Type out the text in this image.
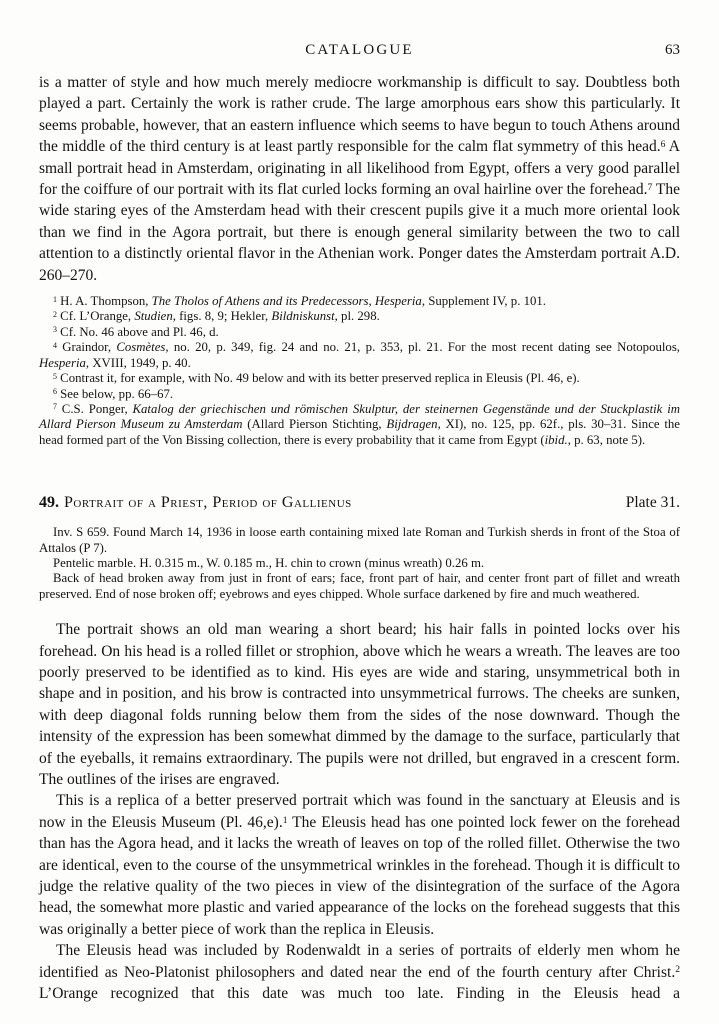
CATALOGUE	63

is a matter of style and how much merely mediocre workmanship is difficult to say. Doubtless both played a part. Certainly the work is rather crude. The large amorphous ears show this particularly. It seems probable, however, that an eastern influence which seems to have begun to touch Athens around the middle of the third century is at least partly responsible for the calm flat symmetry of this head.$^6$ A small portrait head in Amsterdam, originating in all likelihood from Egypt, offers a very good parallel for the coiffure of our portrait with its flat curled locks forming an oval hairline over the forehead.$^7$ The wide staring eyes of the Amsterdam head with their crescent pupils give it a much more oriental look than we find in the Agora portrait, but there is enough general similarity between the two to call attention to a distinctly oriental flavor in the Athenian work. Ponger dates the Amsterdam portrait A.D. 260–270.

$^1$ H. A. Thompson, The Tholos of Athens and its Predecessors, Hesperia, Supplement IV, p. 101.

$^2$ Cf. L’Orange, Studien, figs. 8, 9; Hekler, Bildniskunst, pl. 298.

$^3$ Cf. No. 46 above and Pl. 46, d.

$^4$ Graindor, Cosmètes, no. 20, p. 349, fig. 24 and no. 21, p. 353, pl. 21. For the most recent dating see Notopoulos, Hesperia, XVIII, 1949, p. 40.

$^5$ Contrast it, for example, with No. 49 below and with its better preserved replica in Eleusis (Pl. 46, e).

$^6$ See below, pp. 66–67.

$^7$ C.S. Ponger, Katalog der griechischen und römischen Skulptur, der steinernen Gegenstände und der Stuckplastik im Allard Pierson Museum zu Amsterdam (Allard Pierson Stichting, Bijdragen, XI), no. 125, pp. 62f., pls. 30–31. Since the head formed part of the Von Bissing collection, there is every probability that it came from Egypt (ibid., p. 63, note 5).

49. Portrait of a Priest, Period of Gallienus	Plate 31.

Inv. S 659. Found March 14, 1936 in loose earth containing mixed late Roman and Turkish sherds in front of the Stoa of Attalos (P 7).

Pentelic marble. H. 0.315 m., W. 0.185 m., H. chin to crown (minus wreath) 0.26 m.

Back of head broken away from just in front of ears; face, front part of hair, and center front part of fillet and wreath preserved. End of nose broken off; eyebrows and eyes chipped. Whole surface darkened by fire and much weathered.

The portrait shows an old man wearing a short beard; his hair falls in pointed locks over his forehead. On his head is a rolled fillet or strophion, above which he wears a wreath. The leaves are too poorly preserved to be identified as to kind. His eyes are wide and staring, unsymmetrical both in shape and in position, and his brow is contracted into unsymmetrical furrows. The cheeks are sunken, with deep diagonal folds running below them from the sides of the nose downward. Though the intensity of the expression has been somewhat dimmed by the damage to the surface, particularly that of the eyeballs, it remains extraordinary. The pupils were not drilled, but engraved in a crescent form. The outlines of the irises are engraved.

This is a replica of a better preserved portrait which was found in the sanctuary at Eleusis and is now in the Eleusis Museum (Pl. 46,e).$^1$ The Eleusis head has one pointed lock fewer on the forehead than has the Agora head, and it lacks the wreath of leaves on top of the rolled fillet. Otherwise the two are identical, even to the course of the unsymmetrical wrinkles in the forehead. Though it is difficult to judge the relative quality of the two pieces in view of the disintegration of the surface of the Agora head, the somewhat more plastic and varied appearance of the locks on the forehead suggests that this was originally a better piece of work than the replica in Eleusis.

The Eleusis head was included by Rodenwaldt in a series of portraits of elderly men whom he identified as Neo-Platonist philosophers and dated near the end of the fourth century after Christ.$^2$ L’Orange recognized that this date was much too late. Finding in the Eleusis head a
